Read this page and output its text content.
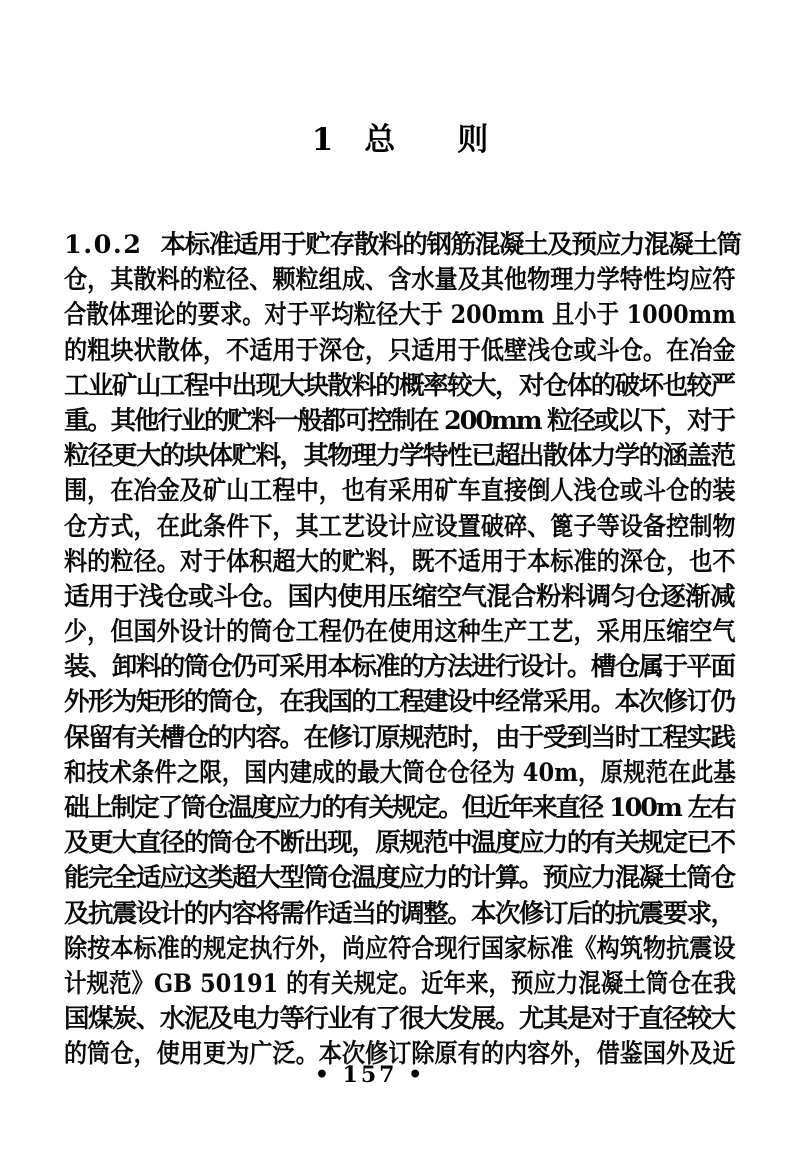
1　总　　则
1.0.2 本标准适用于贮存散料的钢筋混凝土及预应力混凝土筒
仓，其散料的粒径、颗粒组成、含水量及其他物理力学特性均应符
合散体理论的要求。对于平均粒径大于 200mm 且小于 1000mm
的粗块状散体，不适用于深仓，只适用于低壁浅仓或斗仓。在冶金
工业矿山工程中出现大块散料的概率较大，对仓体的破坏也较严
重。其他行业的贮料一般都可控制在 200mm 粒径或以下，对于
粒径更大的块体贮料，其物理力学特性已超出散体力学的涵盖范
围，在冶金及矿山工程中，也有采用矿车直接倒人浅仓或斗仓的装
仓方式，在此条件下，其工艺设计应设置破碎、篦子等设备控制物
料的粒径。对于体积超大的贮料，既不适用于本标准的深仓，也不
适用于浅仓或斗仓。国内使用压缩空气混合粉料调匀仓逐渐减
少，但国外设计的筒仓工程仍在使用这种生产工艺，采用压缩空气
装、卸料的筒仓仍可采用本标准的方法进行设计。槽仓属于平面
外形为矩形的筒仓，在我国的工程建设中经常采用。本次修订仍
保留有关槽仓的内容。在修订原规范时，由于受到当时工程实践
和技术条件之限，国内建成的最大筒仓仓径为 40m，原规范在此基
础上制定了筒仓温度应力的有关规定。但近年来直径 100m 左右
及更大直径的筒仓不断出现，原规范中温度应力的有关规定已不
能完全适应这类超大型筒仓温度应力的计算。预应力混凝土筒仓
及抗震设计的内容将需作适当的调整。本次修订后的抗震要求，
除按本标准的规定执行外，尚应符合现行国家标准《构筑物抗震设
计规范》GB 50191 的有关规定。近年来，预应力混凝土筒仓在我
国煤炭、水泥及电力等行业有了很大发展。尤其是对于直径较大
的筒仓，使用更为广泛。本次修订除原有的内容外，借鉴国外及近
• 157 •
